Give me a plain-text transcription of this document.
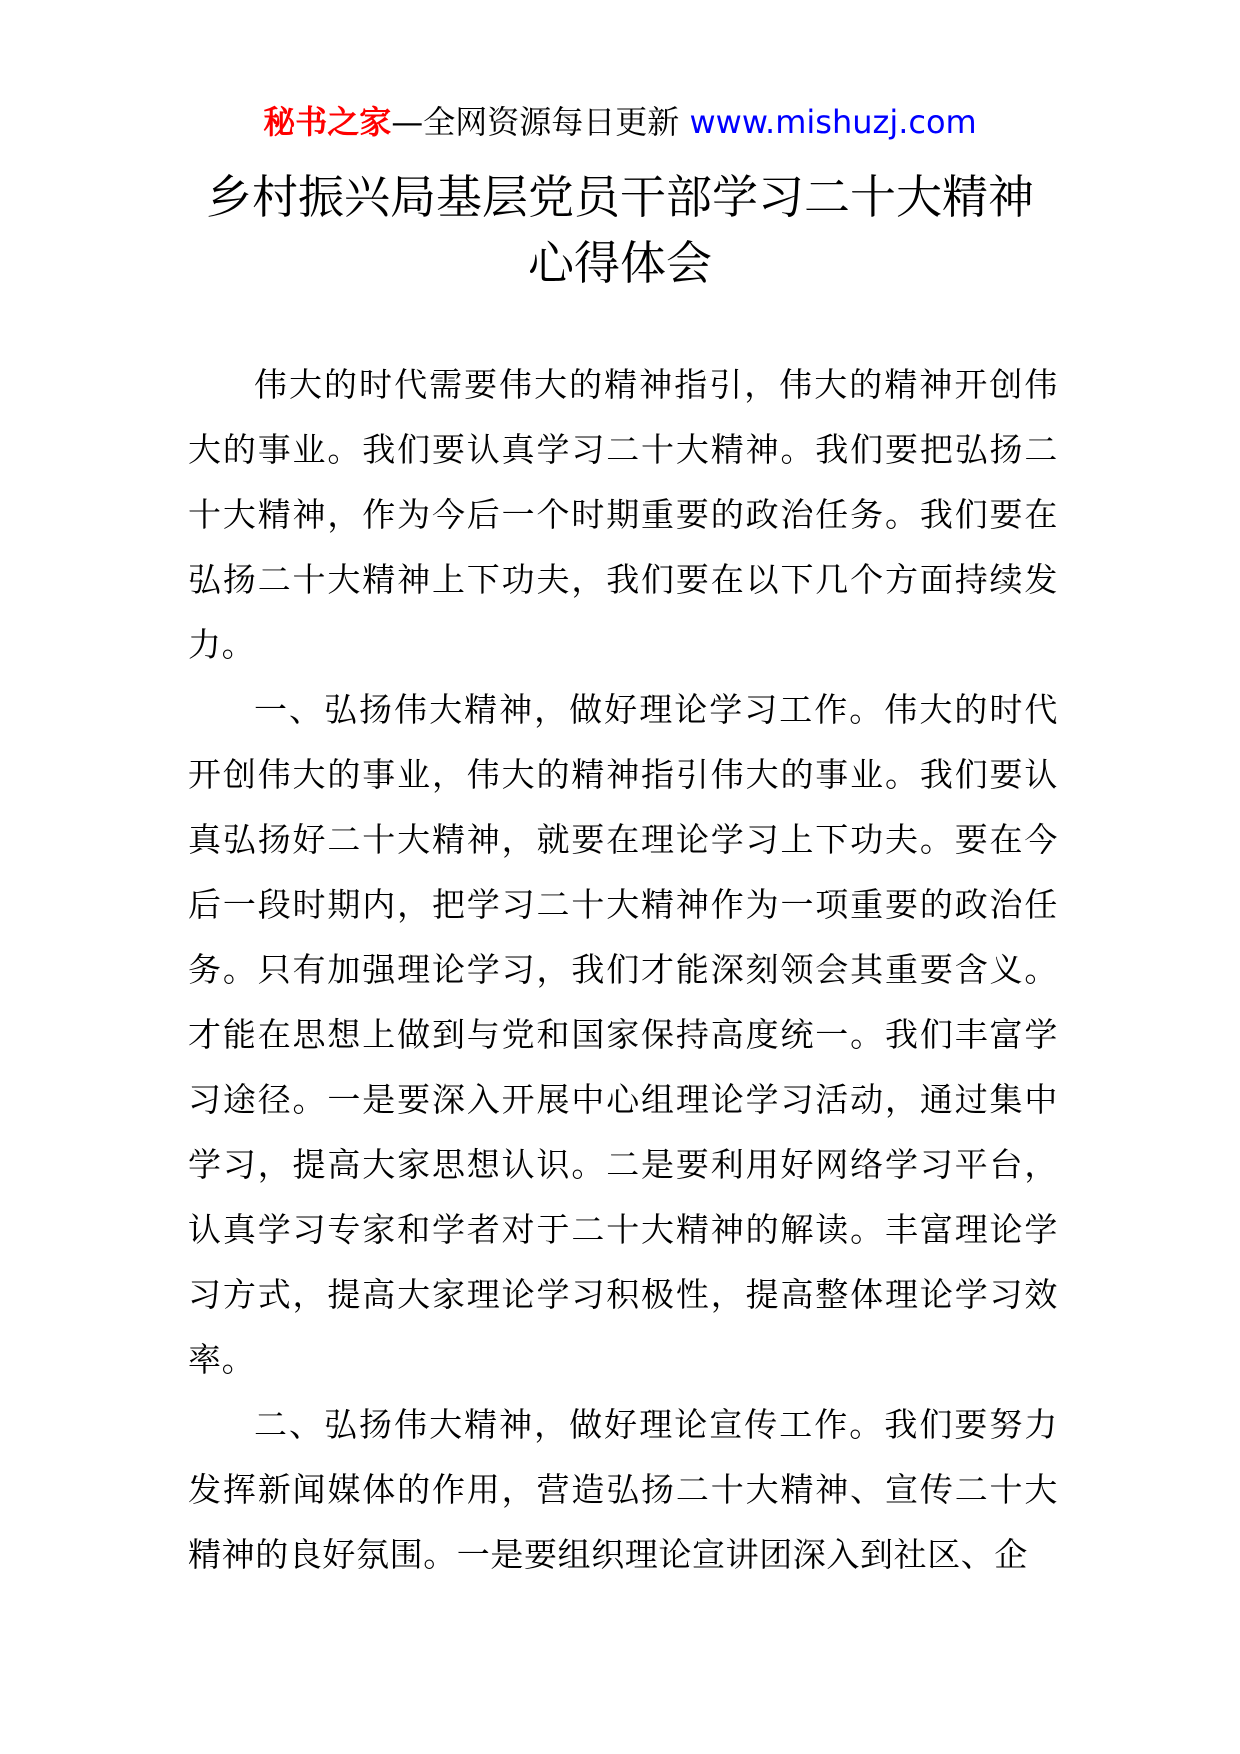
秘书之家—全网资源每日更新 www.mishuzj.com
乡村振兴局基层党员干部学习二十大精神
心得体会

伟大的时代需要伟大的精神指引，伟大的精神开创伟大的事业。我们要认真学习二十大精神。我们要把弘扬二十大精神，作为今后一个时期重要的政治任务。我们要在弘扬二十大精神上下功夫，我们要在以下几个方面持续发力。

一、弘扬伟大精神，做好理论学习工作。伟大的时代开创伟大的事业，伟大的精神指引伟大的事业。我们要认真弘扬好二十大精神，就要在理论学习上下功夫。要在今后一段时期内，把学习二十大精神作为一项重要的政治任务。只有加强理论学习，我们才能深刻领会其重要含义。才能在思想上做到与党和国家保持高度统一。我们丰富学习途径。一是要深入开展中心组理论学习活动，通过集中学习，提高大家思想认识。二是要利用好网络学习平台，认真学习专家和学者对于二十大精神的解读。丰富理论学习方式，提高大家理论学习积极性，提高整体理论学习效率。

二、弘扬伟大精神，做好理论宣传工作。我们要努力发挥新闻媒体的作用，营造弘扬二十大精神、宣传二十大精神的良好氛围。一是要组织理论宣讲团深入到社区、企
